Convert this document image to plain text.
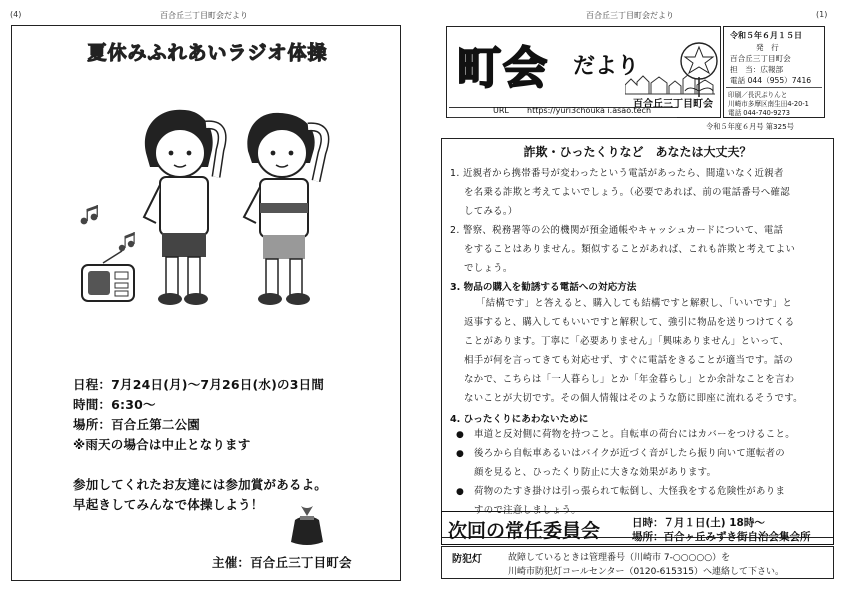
(4)	百合丘三丁目町会だより
夏休みふれあいラジオ体操
日程：7月24日(月)～7月26日(水)の3日間
時間：6:30～
場所：百合丘第二公園
※雨天の場合は中止となります
参加してくれたお友達には参加賞があるよ。
早起きしてみんなで体操しよう！
主催：百合丘三丁目町会
百合丘三丁目町会だより	(1)
町会 だより
百合丘三丁目町会
URL https://yuri3chouka i.asao.tech
令和５年６月１５日
発　行
百合丘三丁目町会
担　当：広報部
電話 044（955）7416
印刷／長沢ぷりんと
川崎市多摩区南生田4-20-1
電話 044-740-9273
令和５年度６月号 第325号
詐欺・ひったくりなど　あなたは大丈夫？
1. 近親者から携帯番号が変わったという電話があったら、間違いなく近親者
を名乗る詐欺と考えてよいでしょう。（必要であれば、前の電話番号へ確認
してみる。）
2. 警察、税務署等の公的機関が預金通帳やキャッシュカードについて、電話
をすることはありません。類似することがあれば、これも詐欺と考えてよい
でしょう。
3. 物品の購入を勧誘する電話への対応方法
「結構です」と答えると、購入しても結構ですと解釈し、「いいです」と
返事すると、購入してもいいですと解釈して、強引に物品を送りつけてくる
ことがあります。丁寧に「必要ありません」「興味ありません」といって、
相手が何を言ってきても対応せず、すぐに電話をきることが適当です。話の
なかで、こちらは「一人暮らし」とか「年金暮らし」とか余計なことを言わ
ないことが大切です。その個人情報はそのような筋に即座に流れるそうです。
4. ひったくりにあわないために
● 車道と反対側に荷物を持つこと。自転車の荷台にはカバーをつけること。
● 後ろから自転車あるいはバイクが近づく音がしたら振り向いて運転者の
顔を見ると、ひったくり防止に大きな効果があります。
● 荷物のたすき掛けは引っ張られて転倒し、大怪我をする危険性がありま
すので注意しましょう。
次回の常任委員会	日時：７月１日(土) 18時～
場所：百合ヶ丘みずき街自治会集会所
防犯灯	故障しているときは管理番号（川崎市 7-○○○○○）を
川崎市防犯灯コールセンター（0120-615315）へ連絡して下さい。
